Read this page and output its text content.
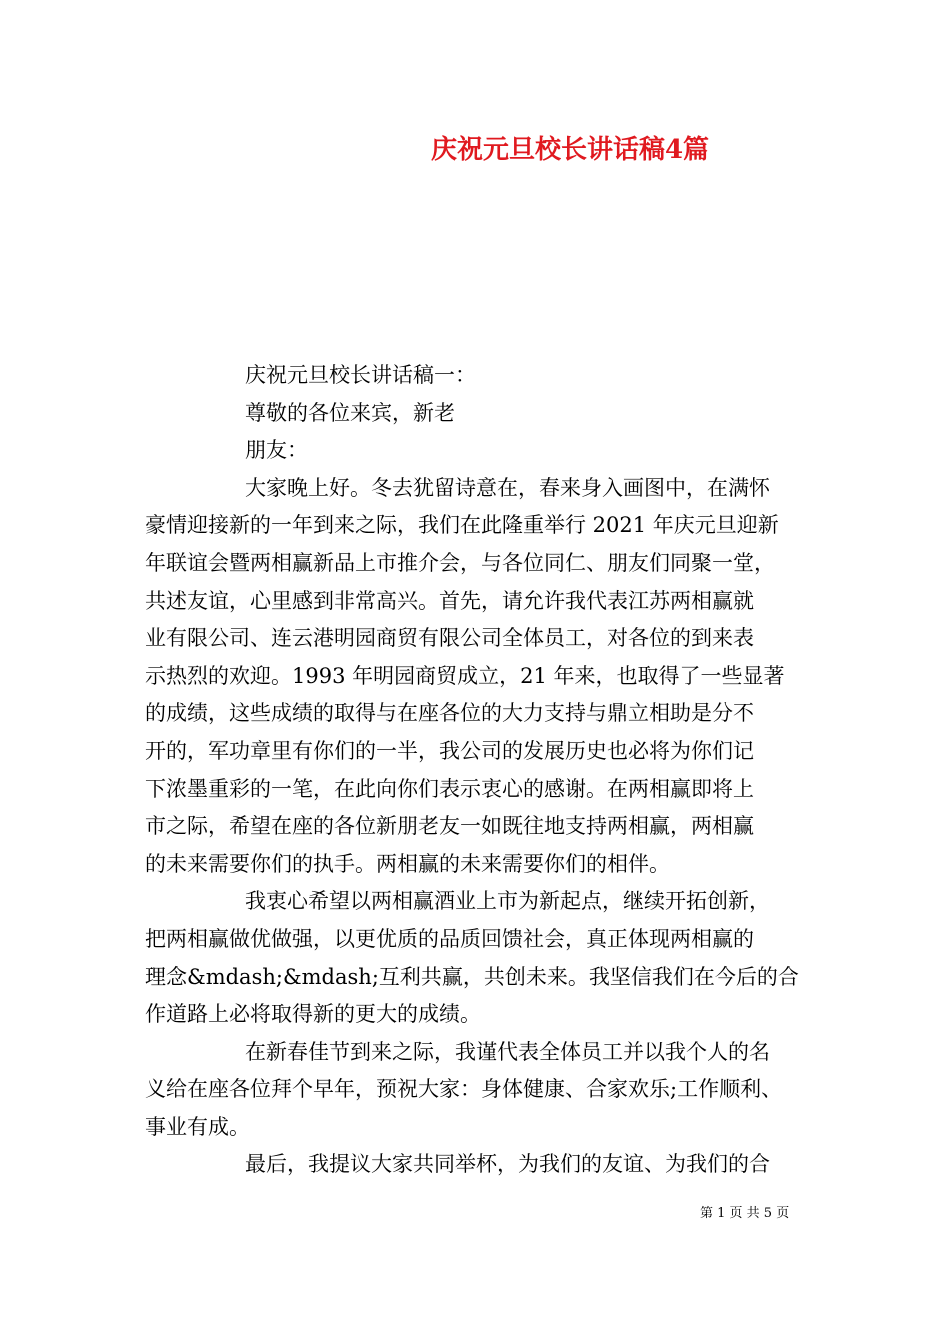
庆祝元旦校长讲话稿4篇
庆祝元旦校长讲话稿一：
尊敬的各位来宾，新老
朋友：
大家晚上好。冬去犹留诗意在，春来身入画图中，在满怀
豪情迎接新的一年到来之际，我们在此隆重举行 2021 年庆元旦迎新
年联谊会暨两相赢新品上市推介会，与各位同仁、朋友们同聚一堂，
共述友谊，心里感到非常高兴。首先，请允许我代表江苏两相赢就
业有限公司、连云港明园商贸有限公司全体员工，对各位的到来表
示热烈的欢迎。1993 年明园商贸成立，21 年来，也取得了一些显著
的成绩，这些成绩的取得与在座各位的大力支持与鼎立相助是分不
开的，军功章里有你们的一半，我公司的发展历史也必将为你们记
下浓墨重彩的一笔，在此向你们表示衷心的感谢。在两相赢即将上
市之际，希望在座的各位新朋老友一如既往地支持两相赢，两相赢
的未来需要你们的执手。两相赢的未来需要你们的相伴。
我衷心希望以两相赢酒业上市为新起点，继续开拓创新，
把两相赢做优做强，以更优质的品质回馈社会，真正体现两相赢的
理念&mdash;&mdash;互利共赢，共创未来。我坚信我们在今后的合
作道路上必将取得新的更大的成绩。
在新春佳节到来之际，我谨代表全体员工并以我个人的名
义给在座各位拜个早年，预祝大家：身体健康、合家欢乐;工作顺利、
事业有成。
最后，我提议大家共同举杯，为我们的友谊、为我们的合
第 1 页 共 5 页
